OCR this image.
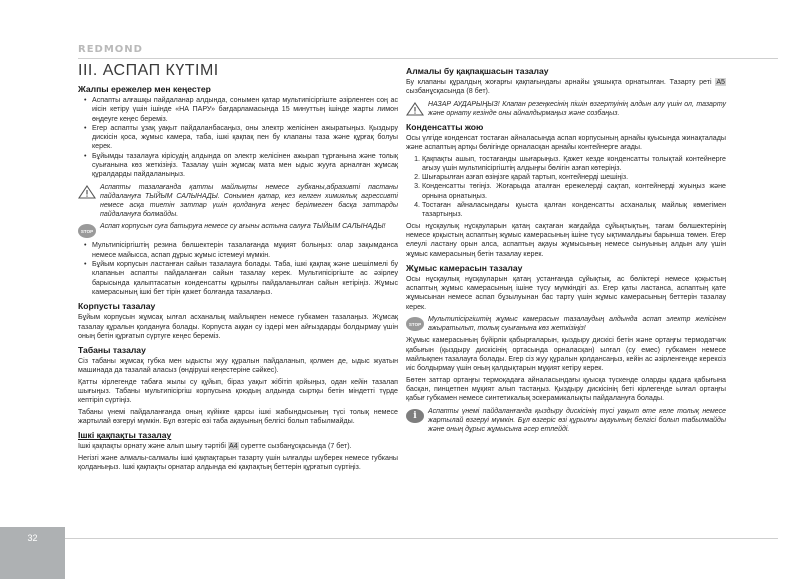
REDMOND
32
III. АСПАП КҮТІМІ
Жалпы ережелер мен кеңестер
• Аспапты алғашқы пайдаланар алдында, сонымен қатар мультипісіргіште әзірленген соң ас иісін кетіру үшін ішінде «НА ПАРУ» бағдарламасында 15 минуттың ішінде жарты лимон өңдеуге кеңес береміз.
• Егер аспапты ұзақ уақыт пайдаланбасаңыз, оны электр желісінен ажыратыңыз. Қыздыру дискісін қоса, жұмыс камера, таба, ішкі қақпақ пен бу клапаны таза және құрғақ болуы керек.
• Бұйымды тазалауға кірісудің алдында оп электр желісінен ажырап тұрғанына және толық суығанына көз жеткізіңіз. Тазалау үшін жұмсақ мата мен ыдыс жууға арналған жұмсақ құралдарды пайдаланыңыз.
Аспапты тазалағанда қатты майлықты немесе губканы,абразивті пастаны пайдалануға ТЫЙЫМ САЛЫНАДЫ. Сонымен қатар, кез келген химиялық агрессивті немесе асқа тиетін заттар үшін қолдануға кеңес берілмеген басқа заттарды пайдалануға болмайды.
STOP
Аспап корпусын суға батыруға немесе су ағыны астына салуға ТЫЙЫМ САЛЫНАДЫ!
• Мультипісіргіштің резина бөлшектерін тазалағанда мұқият болыңыз: олар зақымданса немесе майысса, аспап дұрыс жұмыс істемеуі мүмкін.
• Бұйым корпусын ластанған сайын тазалауға болады. Таба, ішкі қақпақ және шешілмелі бу клапанын аспапты пайдаланған сайын тазалау керек. Мультипісіргіште ас әзірлеу барысында қалыптасатын конденсатты құрылғы пайдаланылған сайын кетіріңіз. Жұмыс камерасының ішкі бет тірін қажет болғанда тазалаңыз.
Корпусты тазалау
Бұйым корпусын жұмсақ ылғал асханалық майлықпен немесе губкамен тазалаңыз. Жұмсақ тазалау құралын қолдануға болады. Корпуста аққан су іздері мен айғыздарды болдырмау үшін оның бетін құрғатып сүртуге кеңес береміз.
Табаны тазалау
Сіз табаны жұмсақ губка мен ыдысты жуу құралын пайдаланып, қолмен де, ыдыс жуатын машинада да тазалай аласыз (өндіруші кеңестеріне сәйкес).
Қатты кірлегенде табаға жылы су құйып, біраз уақыт жібітіп қойыңыз, одан кейін тазалап шығыңыз. Табаны мультипісіргіш корпусына қоюдың алдында сыртқы бетін міндетті түрде кептіріп сүртіңіз.
Табаны үнемі пайдаланғанда оның күйікке қарсы ішкі жабындысының түсі толық немесе жартылай өзгеруі мүмкін. Бұл өзгеріс өзі таба ақауының белгісі болып табылмайды.
Ішкі қақпақты тазалау
Ішкі қақпақты орнату және алып шығу тәртібі A4 суретте сызбанұсқасында (7 бет).
Негізгі және алмалы-салмалы ішкі қақпақтарын тазарту үшін ылғалды шүберек немесе губканы қолданыңыз. Ішкі қақпақты орнатар алдында екі қақпақтың беттерін құрғатып сүртіңіз.
Алмалы бу қақпақшасын тазалау
Бу клапаны құралдың жоғарғы қақпағындағы арнайы ұяшықта орнатылған. Тазарту реті A5 сызбанұсқасында (8 бет).
НАЗАР АУДАРЫҢЫЗ! Клапан резеңкесінің пішін өзгертуінің алдын алу үшін ол, тазарту және орнату кезінде оны айналдырмаңыз және созбаңыз.
Конденсатты жою
Осы үлгіде конденсат тостаған айналасында аспап корпусының арнайы қуысында жинақталады және аспаптың артқы бөлігінде орналасқан арнайы контейнерге ағады.
1. Қақпақты ашып, тостағанды шығарыңыз. Қажет кезде конденсатты толықтай контейнерге ағызу үшін мультипісіргіштің алдыңғы бөлігін азғап көтеріңіз.
2. Шығарылған азғап өзіңізге қарай тартып, контейнерді шешіңіз.
3. Конденсатты төгіңіз. Жоғарыда аталған ережелерді сақтап, контейнерді жуыңыз және орнына орнатыңыз.
4. Тостаған айналасындағы қуыста қалған конденсатты асханалық майлық көмегімен тазартыңыз.
Осы нұсқаулық нұсқауларын қатаң сақтаған жағдайда сұйықтықтың, тағам бөлшектерінің немесе қоқыстың аспаптың жұмыс камерасының ішіне түсу ықтималдығы барынша төмен. Егер елеулі ластану орын алса, аспаптың ақауы жұмысының немесе сынуының алдын алу үшін жұмыс камерасының бетін тазалау керек.
Жұмыс камерасын тазалау
Осы нұсқаулық нұсқауларын қатаң устанғанда сұйықтық, ас бөліктері немесе қоқыстың аспаптың жұмыс камерасының ішіне түсу мүмкіндігі аз. Егер қаты ластанса, аспаптың қате жұмысынан немесе аспап бұзылуынан бас тарту үшін жұмыс камерасының беттерін тазалау керек.
STOP
Мультипісіргіштің жұмыс камерасын тазалаудың алдында аспап электр желісінен ажыратылып, толық суығанына көз жеткізіңіз!
Жұмыс камерасының бүйірлік қабырғаларын, қыздыру дискісі бетін және ортаңғы термодатчик қабығын (қыздыру дискісінің ортасында орналасқан) ылғал (су емес) губкамен немесе майлықпен тазалауға болады. Егер сіз жуу құралын қолдансаңыз, кейін ас әзірленгенде керексіз иіс болдырмау үшін оның қалдықтарын мұқият кетіру керек.
Бөтен заттар ортаңғы термоқадаға айналасындағы қуысқа түскенде оларды қадаға қабығына басқан, пинцетпен мұқият алып тастаңыз. Қыздыру дискісінің беті кірлегенде ылғал ортаңғы қабығ губкамен немесе синтетикалық эскерамикалықты пайдалануға болады.
i	Аспапты үнемі пайдаланғанда қыздыру дискісінің түсі уақыт өте келе толық немесе жартылай өзгеруі мүмкін. Бұл өзгеріс өзі құрылғы ақауының белгісі болып табылмайды және оның дұрыс жұмысына әсер етпейді.
